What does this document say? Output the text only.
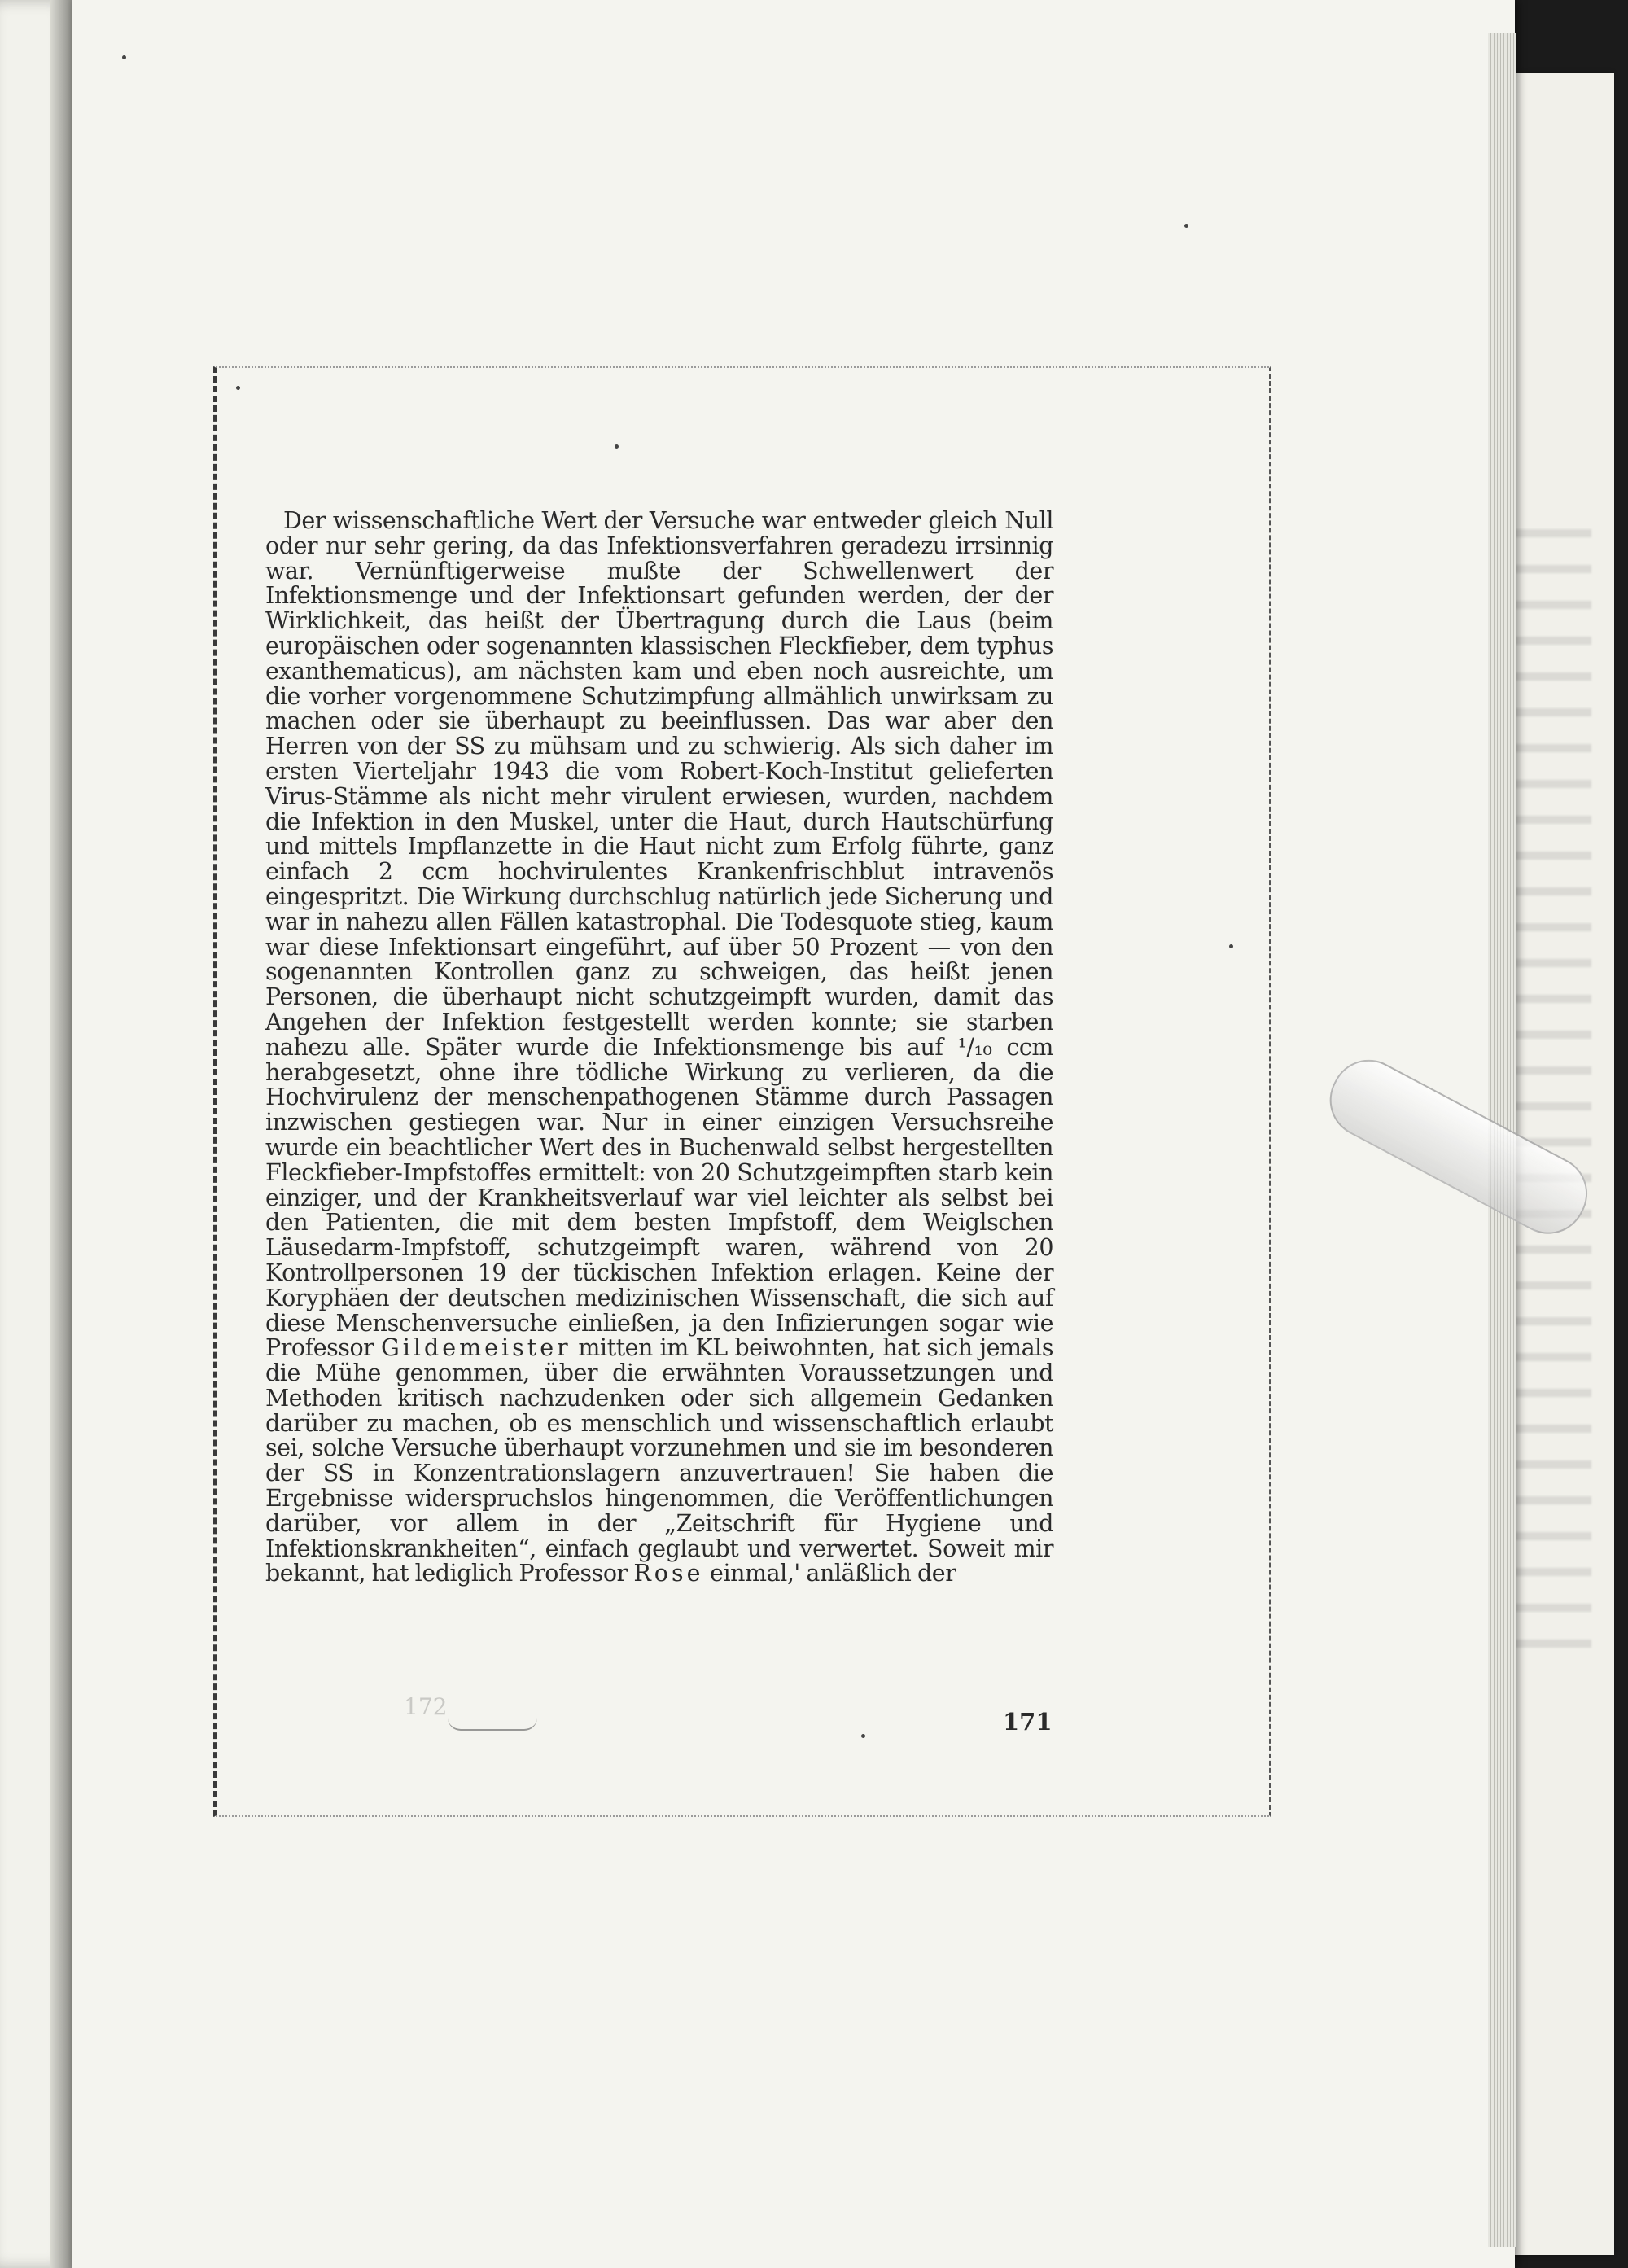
Der wissenschaftliche Wert der Versuche war entweder gleich Null oder nur sehr gering, da das Infektionsverfahren geradezu irrsinnig war. Vernünftigerweise mußte der Schwellenwert der Infektionsmenge und der Infektionsart gefunden werden, der der Wirklichkeit, das heißt der Übertragung durch die Laus (beim europäischen oder sogenannten klassischen Fleckfieber, dem typhus exanthematicus), am nächsten kam und eben noch ausreichte, um die vorher vorgenommene Schutzimpfung allmählich unwirksam zu machen oder sie überhaupt zu beeinflussen. Das war aber den Herren von der SS zu mühsam und zu schwierig. Als sich daher im ersten Vierteljahr 1943 die vom Robert-Koch-Institut gelieferten Virus-Stämme als nicht mehr virulent erwiesen, wurden, nachdem die Infektion in den Muskel, unter die Haut, durch Hautschürfung und mittels Impflanzette in die Haut nicht zum Erfolg führte, ganz einfach 2 ccm hochvirulentes Krankenfrischblut intravenös eingespritzt. Die Wirkung durchschlug natürlich jede Sicherung und war in nahezu allen Fällen katastrophal. Die Todesquote stieg, kaum war diese Infektionsart eingeführt, auf über 50 Prozent — von den sogenannten Kontrollen ganz zu schweigen, das heißt jenen Personen, die überhaupt nicht schutzgeimpft wurden, damit das Angehen der Infektion festgestellt werden konnte; sie starben nahezu alle. Später wurde die Infektionsmenge bis auf ¹/₁₀ ccm herabgesetzt, ohne ihre tödliche Wirkung zu verlieren, da die Hochvirulenz der menschenpathogenen Stämme durch Passagen inzwischen gestiegen war. Nur in einer einzigen Versuchsreihe wurde ein beachtlicher Wert des in Buchenwald selbst hergestellten Fleckfieber-Impfstoffes ermittelt: von 20 Schutzgeimpften starb kein einziger, und der Krankheitsverlauf war viel leichter als selbst bei den Patienten, die mit dem besten Impfstoff, dem Weiglschen Läusedarm-Impfstoff, schutzgeimpft waren, während von 20 Kontrollpersonen 19 der tückischen Infektion erlagen. Keine der Koryphäen der deutschen medizinischen Wissenschaft, die sich auf diese Menschenversuche einließen, ja den Infizierungen sogar wie Professor Gildemeister mitten im KL beiwohnten, hat sich jemals die Mühe genommen, über die erwähnten Voraussetzungen und Methoden kritisch nachzudenken oder sich allgemein Gedanken darüber zu machen, ob es menschlich und wissenschaftlich erlaubt sei, solche Versuche überhaupt vorzunehmen und sie im besonderen der SS in Konzentrationslagern anzuvertrauen! Sie haben die Ergebnisse widerspruchslos hingenommen, die Veröffentlichungen darüber, vor allem in der „Zeitschrift für Hygiene und Infektionskrankheiten“, einfach geglaubt und verwertet. Soweit mir bekannt, hat lediglich Professor Rose einmal,' anläßlich der

172
171
